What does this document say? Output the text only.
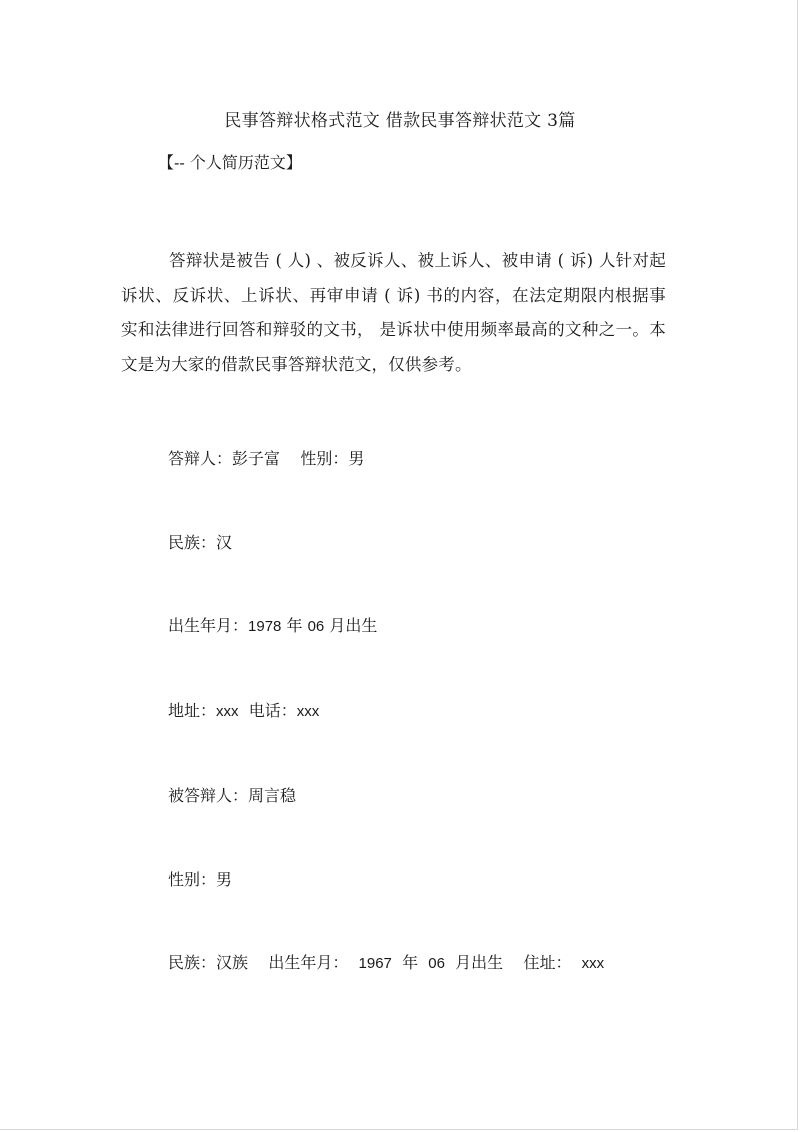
民事答辩状格式范文 借款民事答辩状范文 3篇
【-- 个人简历范文】
答辩状是被告 ( 人) 、被反诉人、被上诉人、被申请 ( 诉) 人针对起诉状、反诉状、上诉状、再审申请 ( 诉) 书的内容，在法定期限内根据事实和法律进行回答和辩驳的文书， 是诉状中使用频率最高的文种之一。本文是为大家的借款民事答辩状范文，仅供参考。
答辩人：彭子富    性别：男
民族：汉
出生年月：1978 年 06 月出生
地址：xxx  电话：xxx
被答辩人：周言稳
性别：男
民族：汉族    出生年月：  1967  年  06  月出生    住址：  xxx
